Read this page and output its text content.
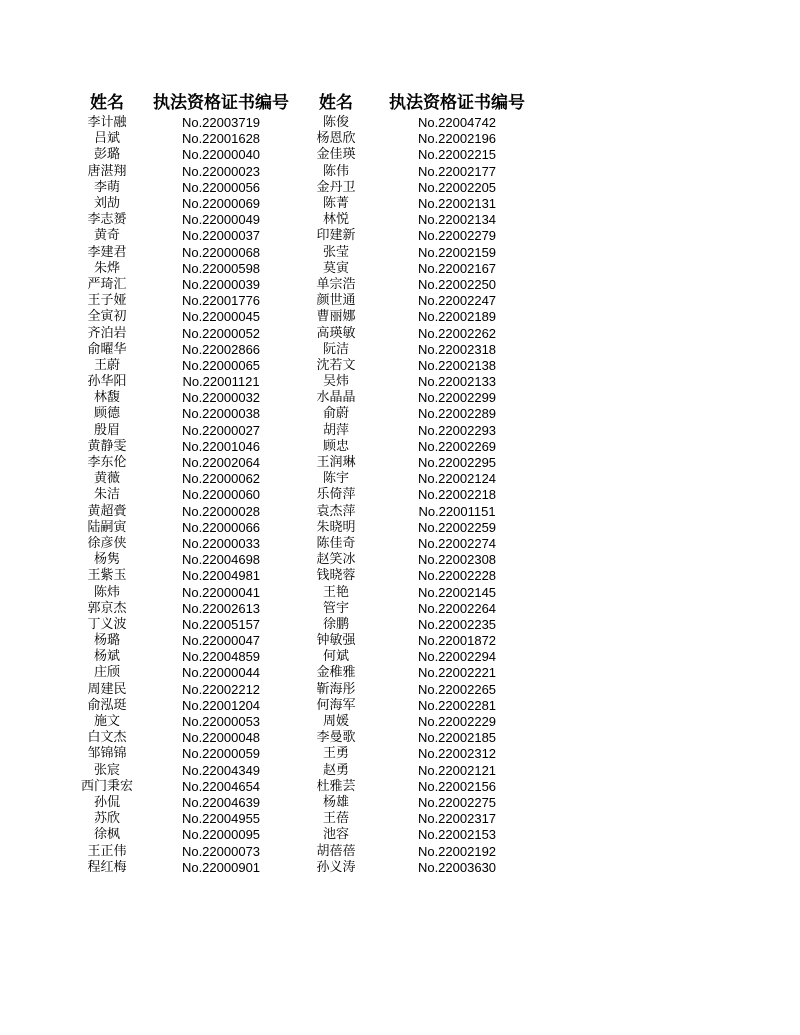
姓名	执法资格证书编号	姓名	执法资格证书编号
李计融	No.22003719	陈俊	No.22004742
吕斌	No.22001628	杨恩欣	No.22002196
彭璐	No.22000040	金佳瑛	No.22002215
唐湛翔	No.22000023	陈伟	No.22002177
李萌	No.22000056	金丹卫	No.22002205
刘劼	No.22000069	陈菁	No.22002131
李志赟	No.22000049	林悦	No.22002134
黄奇	No.22000037	印建新	No.22002279
李建君	No.22000068	张莹	No.22002159
朱烨	No.22000598	莫寅	No.22002167
严琦汇	No.22000039	单宗浩	No.22002250
王子娅	No.22001776	颜世通	No.22002247
全寅初	No.22000045	曹丽娜	No.22002189
齐泊岩	No.22000052	高瑛敏	No.22002262
俞曜华	No.22002866	阮洁	No.22002318
王蔚	No.22000065	沈若文	No.22002138
孙华阳	No.22001121	吴炜	No.22002133
林馥	No.22000032	水晶晶	No.22002299
顾德	No.22000038	俞蔚	No.22002289
殷眉	No.22000027	胡萍	No.22002293
黄静雯	No.22001046	顾忠	No.22002269
李东伦	No.22002064	王润琳	No.22002295
黄薇	No.22000062	陈宇	No.22002124
朱洁	No.22000060	乐倚萍	No.22002218
黄超賫	No.22000028	袁杰萍	No.22001151
陆嗣寅	No.22000066	朱晓明	No.22002259
徐彦侠	No.22000033	陈佳奇	No.22002274
杨隽	No.22004698	赵笑冰	No.22002308
王紫玉	No.22004981	钱晓蓉	No.22002228
陈炜	No.22000041	王艳	No.22002145
郭京杰	No.22002613	管宇	No.22002264
丁义波	No.22005157	徐鹏	No.22002235
杨璐	No.22000047	钟敏强	No.22001872
杨斌	No.22004859	何斌	No.22002294
庄颀	No.22000044	金稚雅	No.22002221
周建民	No.22002212	靳海彤	No.22002265
俞泓珽	No.22001204	何海军	No.22002281
施文	No.22000053	周媛	No.22002229
白文杰	No.22000048	李曼歌	No.22002185
邹锦锦	No.22000059	王勇	No.22002312
张宸	No.22004349	赵勇	No.22002121
西门秉宏	No.22004654	杜雅芸	No.22002156
孙侃	No.22004639	杨雄	No.22002275
苏欣	No.22004955	王蓓	No.22002317
徐枫	No.22000095	池容	No.22002153
王正伟	No.22000073	胡蓓蓓	No.22002192
程红梅	No.22000901	孙义涛	No.22003630
